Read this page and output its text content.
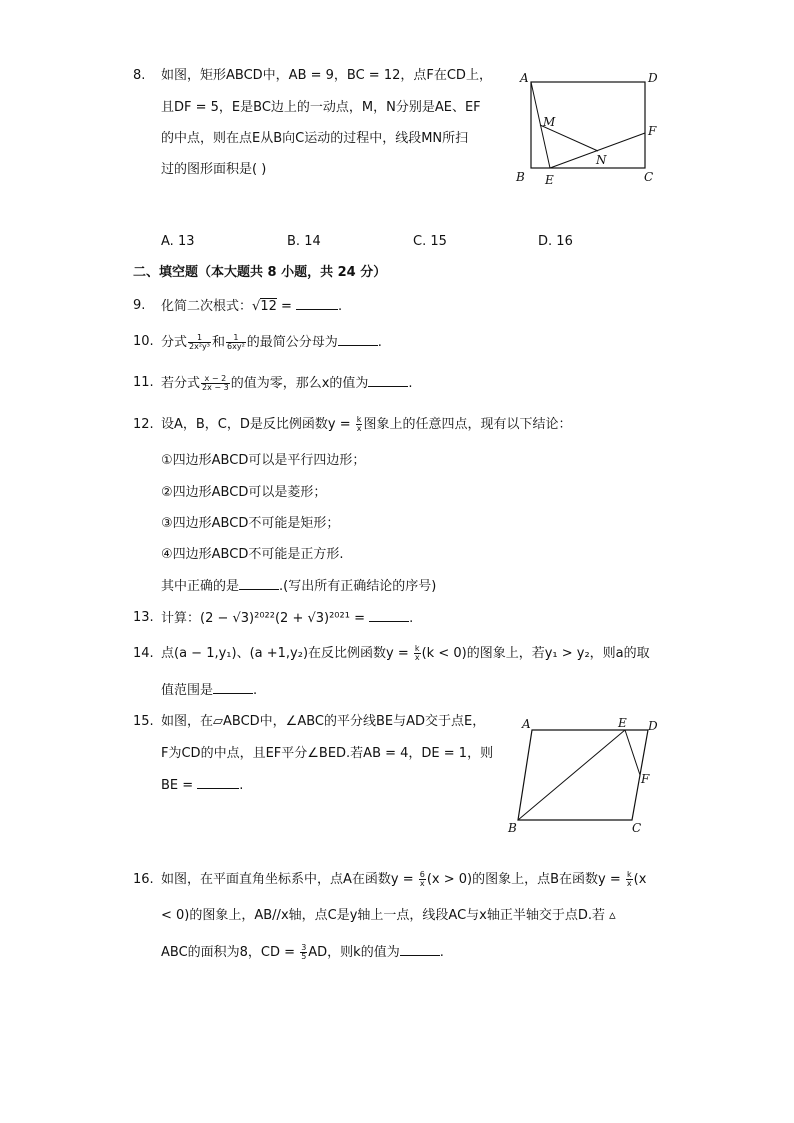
8. 如图，矩形ABCD中，AB = 9，BC = 12，点F在CD上，
且DF = 5，E是BC边上的一动点，M，N分别是AE、EF
的中点，则在点E从B向C运动的过程中，线段MN所扫
过的图形面积是( )
A	D
F
M
N
B E	C
A. 13	B. 14	C. 15	D. 16
二、填空题（本大题共 8 小题，共 24 分）
9. 化简二次根式：√12 =	.
10. 分式 $\frac{1}{\text{2x²y³}}$ 和 $\frac{1}{\text{6xy²}}$ 的最简公分母为	.
11. 若分式 $\frac{x - 2}{2x - 3}$ 的值为零，那么x的值为	.
12. 设A，B，C，D是反比例函数$y = \frac{k}{x}$ 图象上的任意四点，现有以下结论：
①四边形ABCD可以是平行四边形；
②四边形ABCD可以是菱形；
③四边形ABCD不可能是矩形；
④四边形ABCD不可能是正方形.
其中正确的是	.(写出所有正确结论的序号)
13. 计算：(2 − √3)²⁰²²(2 + √3)²⁰²¹ =	.
14. 点(a − 1,y₁)、(a +1,y₂)在反比例函数$y = \frac{k}{x} (k < 0)$的图象上，若y₁ > y₂，则a的取
值范围是	.
15. 如图，在▱ABCD中，∠ABC的平分线BE与AD交于点E，
F为CD的中点，且EF平分∠BED.若AB = 4，DE = 1，则
BE =	.
A	E D
F
B	C
16. 如图，在平面直角坐标系中，点A在函数$y = \frac{6}{x} (x > 0)$的图象上，点B在函数$y = \frac{k}{x} (x$
< 0)的图象上，AB//x轴，点C是y轴上一点，线段AC与x轴正半轴交于点D.若 ▵
ABC的面积为8，CD = $\frac{3}{5}$ AD，则k的值为	.
